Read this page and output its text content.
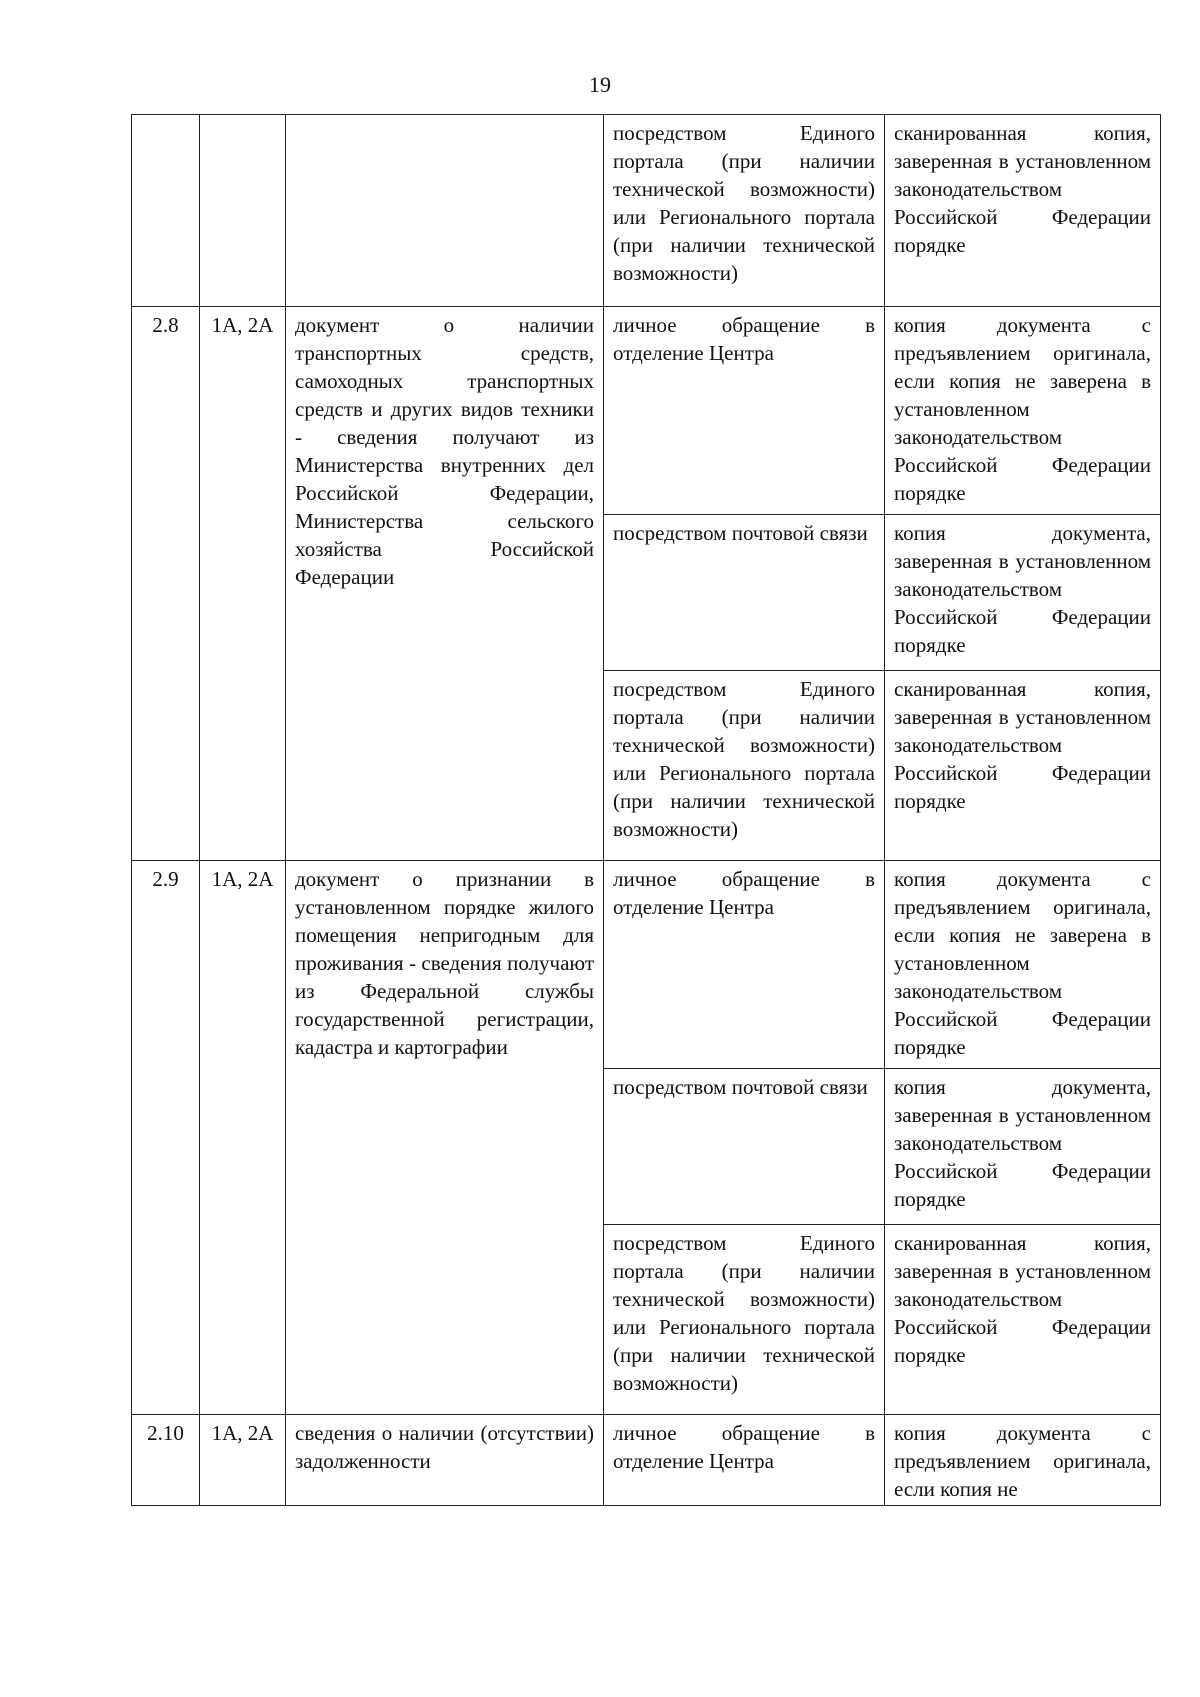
19
			посредством Единого портала (при наличии технической возможности) или Регионального портала (при наличии технической возможности)	сканированная копия, заверенная в установленном законодательством Российской Федерации порядке
2.8	1А, 2А	документ о наличии транспортных средств, самоходных транспортных средств и других видов техники - сведения получают из Министерства внутренних дел Российской Федерации, Министерства сельского хозяйства Российской Федерации	личное обращение в отделение Центра	копия документа с предъявлением оригинала, если копия не заверена в установленном законодательством Российской Федерации порядке
			посредством почтовой связи	копия документа, заверенная в установленном законодательством Российской Федерации порядке
			посредством Единого портала (при наличии технической возможности) или Регионального портала (при наличии технической возможности)	сканированная копия, заверенная в установленном законодательством Российской Федерации порядке
2.9	1А, 2А	документ о признании в установленном порядке жилого помещения непригодным для проживания - сведения получают из Федеральной службы государственной регистрации, кадастра и картографии	личное обращение в отделение Центра	копия документа с предъявлением оригинала, если копия не заверена в установленном законодательством Российской Федерации порядке
			посредством почтовой связи	копия документа, заверенная в установленном законодательством Российской Федерации порядке
			посредством Единого портала (при наличии технической возможности) или Регионального портала (при наличии технической возможности)	сканированная копия, заверенная в установленном законодательством Российской Федерации порядке
2.10	1А, 2А	сведения о наличии (отсутствии) задолженности	личное обращение в отделение Центра	копия документа с предъявлением оригинала, если копия не
